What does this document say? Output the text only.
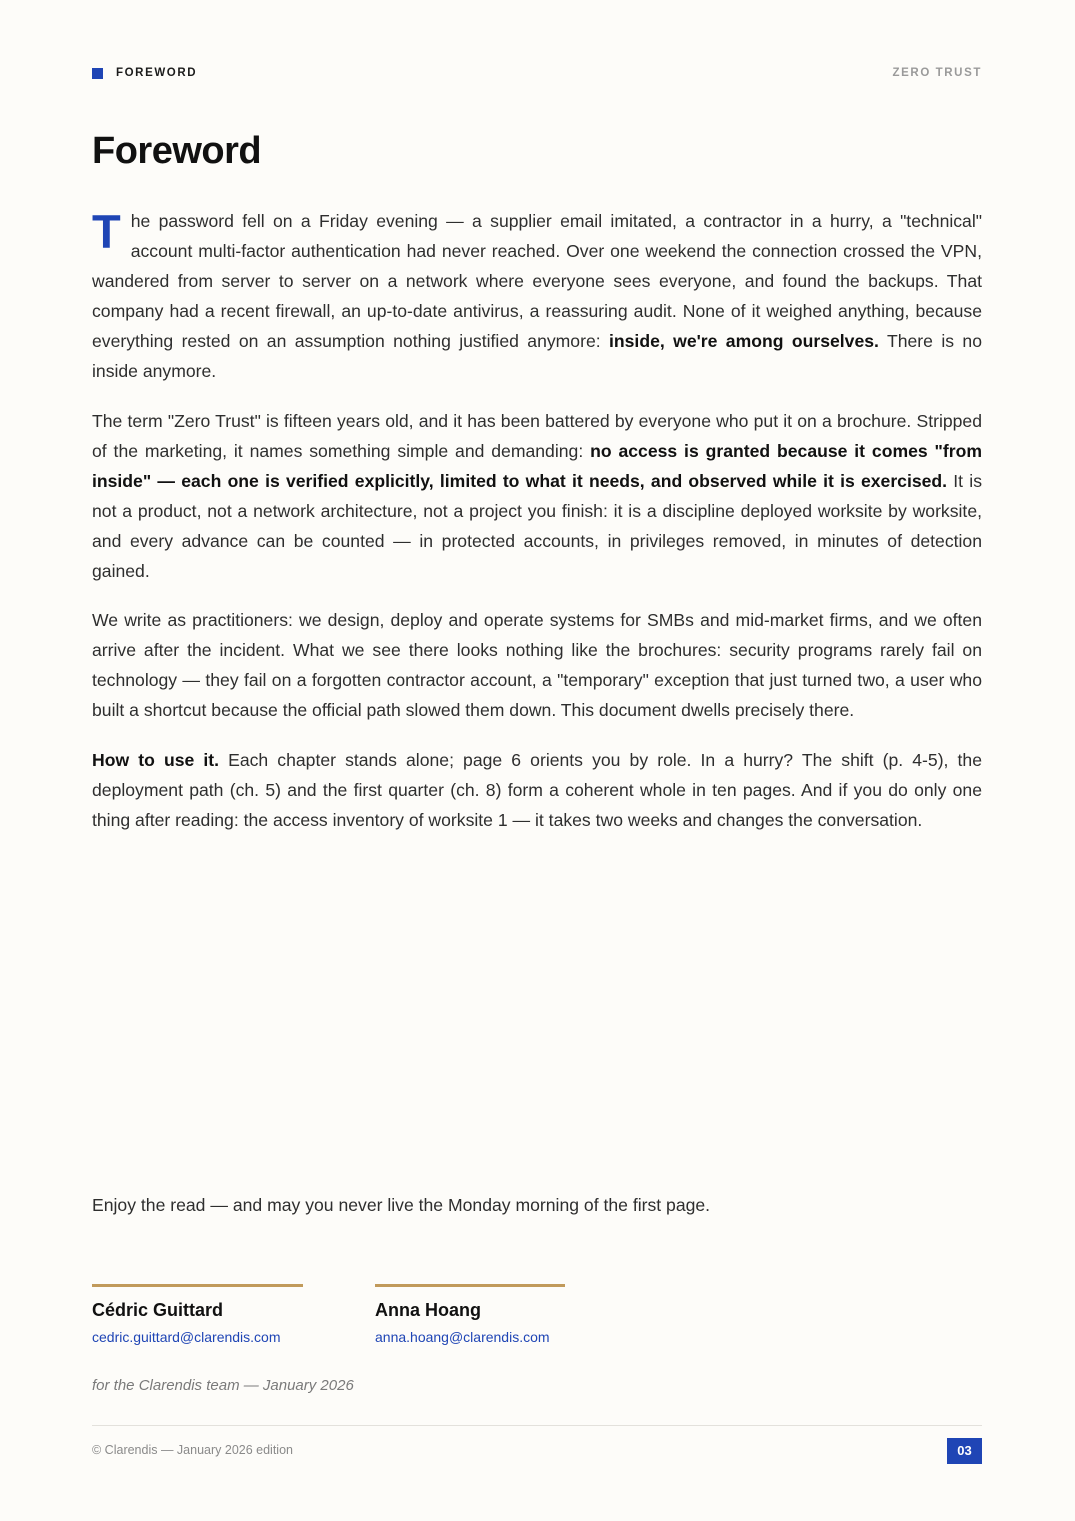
FOREWORD	ZERO TRUST
Foreword

The password fell on a Friday evening — a supplier email imitated, a contractor in a hurry, a "technical" account multi-factor authentication had never reached. Over one weekend the connection crossed the VPN, wandered from server to server on a network where everyone sees everyone, and found the backups. That company had a recent firewall, an up-to-date antivirus, a reassuring audit. None of it weighed anything, because everything rested on an assumption nothing justified anymore: inside, we're among ourselves. There is no inside anymore.

The term "Zero Trust" is fifteen years old, and it has been battered by everyone who put it on a brochure. Stripped of the marketing, it names something simple and demanding: no access is granted because it comes "from inside" — each one is verified explicitly, limited to what it needs, and observed while it is exercised. It is not a product, not a network architecture, not a project you finish: it is a discipline deployed worksite by worksite, and every advance can be counted — in protected accounts, in privileges removed, in minutes of detection gained.

We write as practitioners: we design, deploy and operate systems for SMBs and mid-market firms, and we often arrive after the incident. What we see there looks nothing like the brochures: security programs rarely fail on technology — they fail on a forgotten contractor account, a "temporary" exception that just turned two, a user who built a shortcut because the official path slowed them down. This document dwells precisely there.

How to use it. Each chapter stands alone; page 6 orients you by role. In a hurry? The shift (p. 4-5), the deployment path (ch. 5) and the first quarter (ch. 8) form a coherent whole in ten pages. And if you do only one thing after reading: the access inventory of worksite 1 — it takes two weeks and changes the conversation.

Enjoy the read — and may you never live the Monday morning of the first page.
Cédric Guittard
cedric.guittard@clarendis.com
Anna Hoang
anna.hoang@clarendis.com
for the Clarendis team — January 2026
© Clarendis — January 2026 edition	03
